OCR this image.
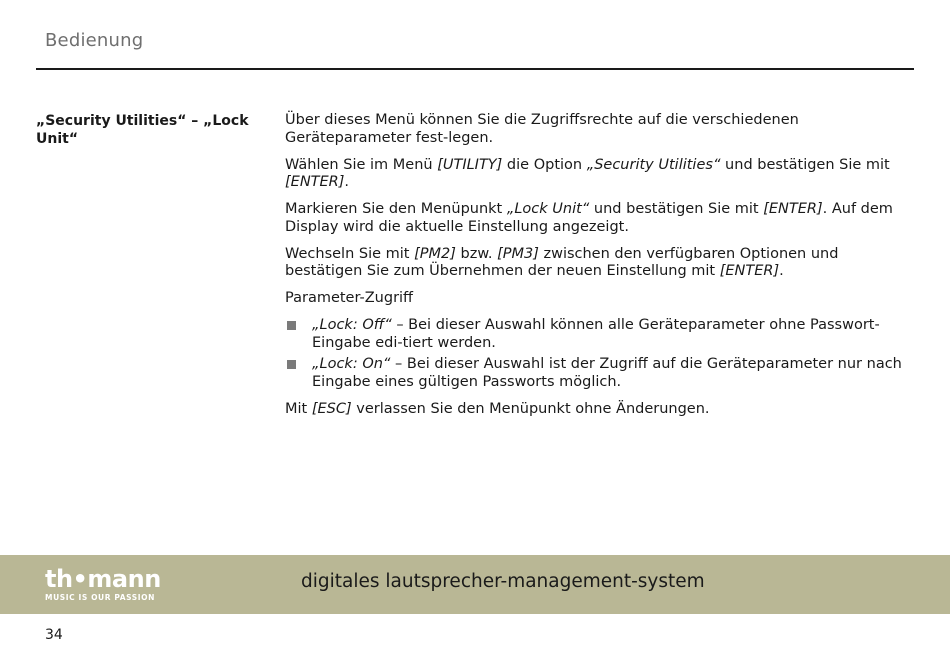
Bedienung
„Security Utilities“ – „Lock Unit“

Über dieses Menü können Sie die Zugriffsrechte auf die verschiedenen Geräteparameter fest-legen.

Wählen Sie im Menü [UTILITY] die Option „Security Utilities“ und bestätigen Sie mit [ENTER].

Markieren Sie den Menüpunkt „Lock Unit“ und bestätigen Sie mit [ENTER]. Auf dem Display wird die aktuelle Einstellung angezeigt.

Wechseln Sie mit [PM2] bzw. [PM3] zwischen den verfügbaren Optionen und bestätigen Sie zum Übernehmen der neuen Einstellung mit [ENTER].

Parameter-Zugriff

„Lock: Off“ – Bei dieser Auswahl können alle Geräteparameter ohne Passwort-Eingabe edi-tiert werden.
„Lock: On“ – Bei dieser Auswahl ist der Zugriff auf die Geräteparameter nur nach Eingabe eines gültigen Passworts möglich.

Mit [ESC] verlassen Sie den Menüpunkt ohne Änderungen.

th•mann
MUSIC IS OUR PASSION
digitales lautsprecher-management-system
34
